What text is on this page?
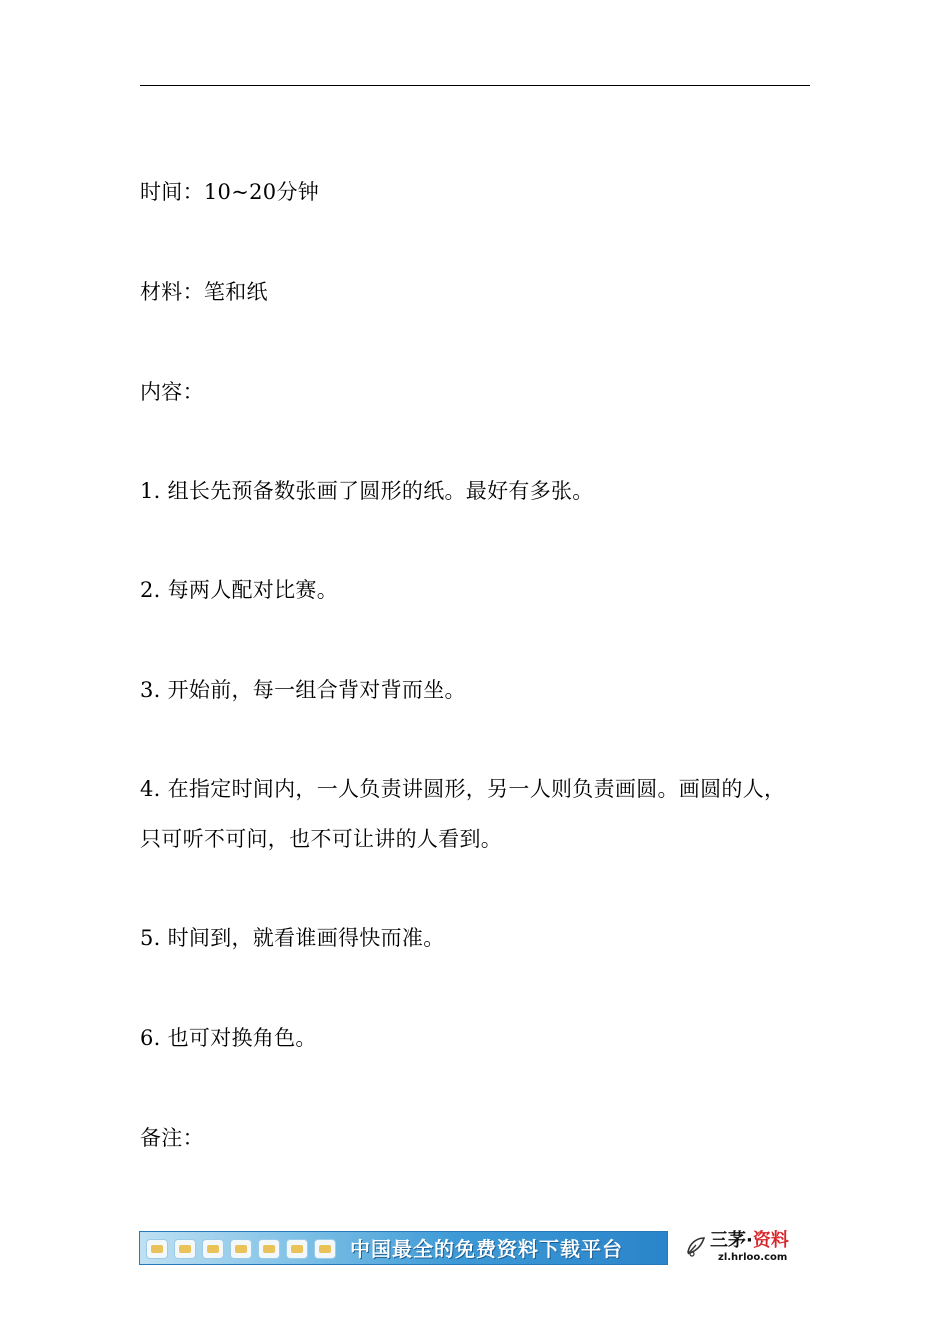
时间：10~20分钟
材料：笔和纸
内容：
1. 组长先预备数张画了圆形的纸。最好有多张。
2. 每两人配对比赛。
3. 开始前，每一组合背对背而坐。
4. 在指定时间内，一人负责讲圆形，另一人则负责画圆。画圆的人，
只可听不可问，也不可让讲的人看到。
5. 时间到，就看谁画得快而准。
6. 也可对换角色。
备注：
中国最全的免费资料下载平台	三茅·资料
zl.hrloo.com
